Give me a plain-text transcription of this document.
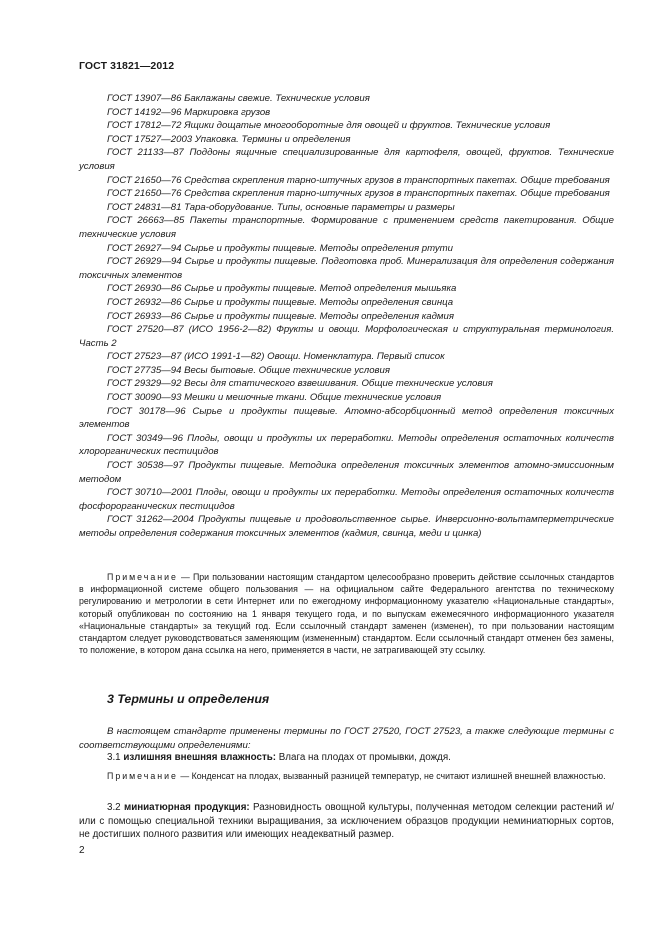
ГОСТ 31821—2012

ГОСТ 13907—86 Баклажаны свежие. Технические условия

ГОСТ 14192—96 Маркировка грузов

ГОСТ 17812—72 Ящики дощатые многооборотные для овощей и фруктов. Технические условия

ГОСТ 17527—2003 Упаковка. Термины и определения

ГОСТ 21133—87 Поддоны ящичные специализированные для картофеля, овощей, фруктов. Технические условия

ГОСТ 21650—76 Средства скрепления тарно-штучных грузов в транспортных пакетах. Общие требования

ГОСТ 21650—76 Средства скрепления тарно-штучных грузов в транспортных пакетах. Общие требования

ГОСТ 24831—81 Тара-оборудование. Типы, основные параметры и размеры

ГОСТ 26663—85 Пакеты транспортные. Формирование с применением средств пакетирования. Общие технические условия

ГОСТ 26927—94 Сырье и продукты пищевые. Методы определения ртути

ГОСТ 26929—94 Сырье и продукты пищевые. Подготовка проб. Минерализация для определения содержания токсичных элементов

ГОСТ 26930—86 Сырье и продукты пищевые. Метод определения мышьяка

ГОСТ 26932—86 Сырье и продукты пищевые. Методы определения свинца

ГОСТ 26933—86 Сырье и продукты пищевые. Методы определения кадмия

ГОСТ 27520—87 (ИСО 1956-2—82) Фрукты и овощи. Морфологическая и структуральная терминология. Часть 2

ГОСТ 27523—87 (ИСО 1991-1—82) Овощи. Номенклатура. Первый список

ГОСТ 27735—94 Весы бытовые. Общие технические условия

ГОСТ 29329—92 Весы для статического взвешивания. Общие технические условия

ГОСТ 30090—93 Мешки и мешочные ткани. Общие технические условия

ГОСТ 30178—96 Сырье и продукты пищевые. Атомно-абсорбционный метод определения токсичных элементов

ГОСТ 30349—96 Плоды, овощи и продукты их переработки. Методы определения остаточных количеств хлорорганических пестицидов

ГОСТ 30538—97 Продукты пищевые. Методика определения токсичных элементов атомно-эмиссионным методом

ГОСТ 30710—2001 Плоды, овощи и продукты их переработки. Методы определения остаточных количеств фосфорорганических пестицидов

ГОСТ 31262—2004 Продукты пищевые и продовольственное сырье. Инверсионно-вольтамперметрические методы определения содержания токсичных элементов (кадмия, свинца, меди и цинка)

Примечание — При пользовании настоящим стандартом целесообразно проверить действие ссылочных стандартов в информационной системе общего пользования — на официальном сайте Федерального агентства по техническому регулированию и метрологии в сети Интернет или по ежегодному информационному указателю «Национальные стандарты», который опубликован по состоянию на 1 января текущего года, и по выпускам ежемесячного информационного указателя «Национальные стандарты» за текущий год. Если ссылочный стандарт заменен (изменен), то при пользовании настоящим стандартом следует руководствоваться заменяющим (измененным) стандартом. Если ссылочный стандарт отменен без замены, то положение, в котором дана ссылка на него, применяется в части, не затрагивающей эту ссылку.

3 Термины и определения

В настоящем стандарте применены термины по ГОСТ 27520, ГОСТ 27523, а также следующие термины с соответствующими определениями:

3.1 излишняя внешняя влажность: Влага на плодах от промывки, дождя.

Примечание — Конденсат на плодах, вызванный разницей температур, не считают излишней внешней влажностью.

3.2 миниатюрная продукция: Разновидность овощной культуры, полученная методом селекции растений и/или с помощью специальной техники выращивания, за исключением образцов продукции неминиатюрных сортов, не достигших полного развития или имеющих неадекватный размер.

2
